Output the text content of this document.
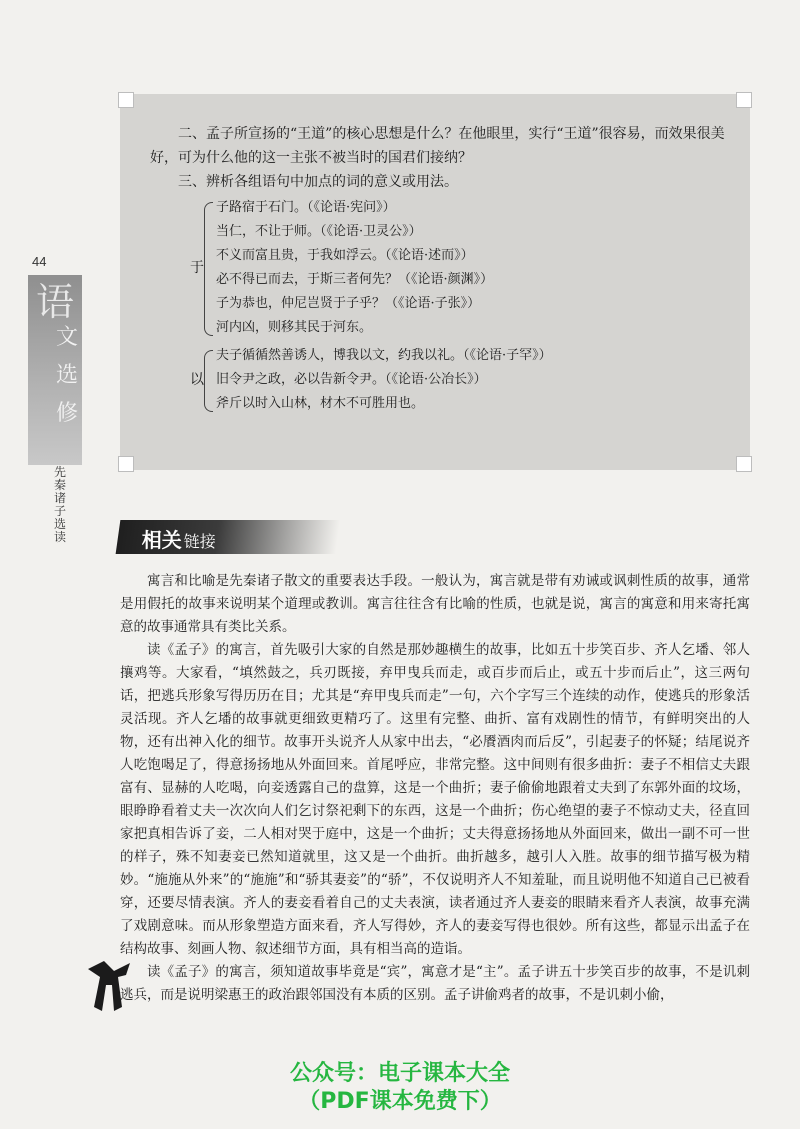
44
语
文
选
修
先秦诸子选读

二、孟子所宣扬的“王道”的核心思想是什么？在他眼里，实行“王道”很容易，而效果很美好，可为什么他的这一主张不被当时的国君们接纳？

三、辨析各组语句中加点的词的意义或用法。

于
子路宿于石门。（《论语·宪问》）
当仁，不让于师。（《论语·卫灵公》）
不义而富且贵，于我如浮云。（《论语·述而》）
必不得已而去，于斯三者何先？（《论语·颜渊》）
子为恭也，仲尼岂贤于子乎？（《论语·子张》）
河内凶，则移其民于河东。
以
夫子循循然善诱人，博我以文，约我以礼。（《论语·子罕》）
旧令尹之政，必以告新令尹。（《论语·公冶长》）
斧斤以时入山林，材木不可胜用也。
相关 链接

寓言和比喻是先秦诸子散文的重要表达手段。一般认为，寓言就是带有劝诫或讽刺性质的故事，通常是用假托的故事来说明某个道理或教训。寓言往往含有比喻的性质，也就是说，寓言的寓意和用来寄托寓意的故事通常具有类比关系。

读《孟子》的寓言，首先吸引大家的自然是那妙趣横生的故事，比如五十步笑百步、齐人乞墦、邻人攘鸡等。大家看，“填然鼓之，兵刃既接，弃甲曳兵而走，或百步而后止，或五十步而后止”，这三两句话，把逃兵形象写得历历在目；尤其是“弃甲曳兵而走”一句，六个字写三个连续的动作，使逃兵的形象活灵活现。齐人乞墦的故事就更细致更精巧了。这里有完整、曲折、富有戏剧性的情节，有鲜明突出的人物，还有出神入化的细节。故事开头说齐人从家中出去，“必餍酒肉而后反”，引起妻子的怀疑；结尾说齐人吃饱喝足了，得意扬扬地从外面回来。首尾呼应，非常完整。这中间则有很多曲折：妻子不相信丈夫跟富有、显赫的人吃喝，向妾透露自己的盘算，这是一个曲折；妻子偷偷地跟着丈夫到了东郭外面的坟场，眼睁睁看着丈夫一次次向人们乞讨祭祀剩下的东西，这是一个曲折；伤心绝望的妻子不惊动丈夫，径直回家把真相告诉了妾，二人相对哭于庭中，这是一个曲折；丈夫得意扬扬地从外面回来，做出一副不可一世的样子，殊不知妻妾已然知道就里，这又是一个曲折。曲折越多，越引人入胜。故事的细节描写极为精妙。“施施从外来”的“施施”和“骄其妻妾”的“骄”，不仅说明齐人不知羞耻，而且说明他不知道自己已被看穿，还要尽情表演。齐人的妻妾看着自己的丈夫表演，读者通过齐人妻妾的眼睛来看齐人表演，故事充满了戏剧意味。而从形象塑造方面来看，齐人写得妙，齐人的妻妾写得也很妙。所有这些，都显示出孟子在结构故事、刻画人物、叙述细节方面，具有相当高的造诣。

读《孟子》的寓言，须知道故事毕竟是“宾”，寓意才是“主”。孟子讲五十步笑百步的故事，不是讥刺逃兵，而是说明梁惠王的政治跟邻国没有本质的区别。孟子讲偷鸡者的故事，不是讥刺小偷，

公众号：电子课本大全
（PDF课本免费下）
